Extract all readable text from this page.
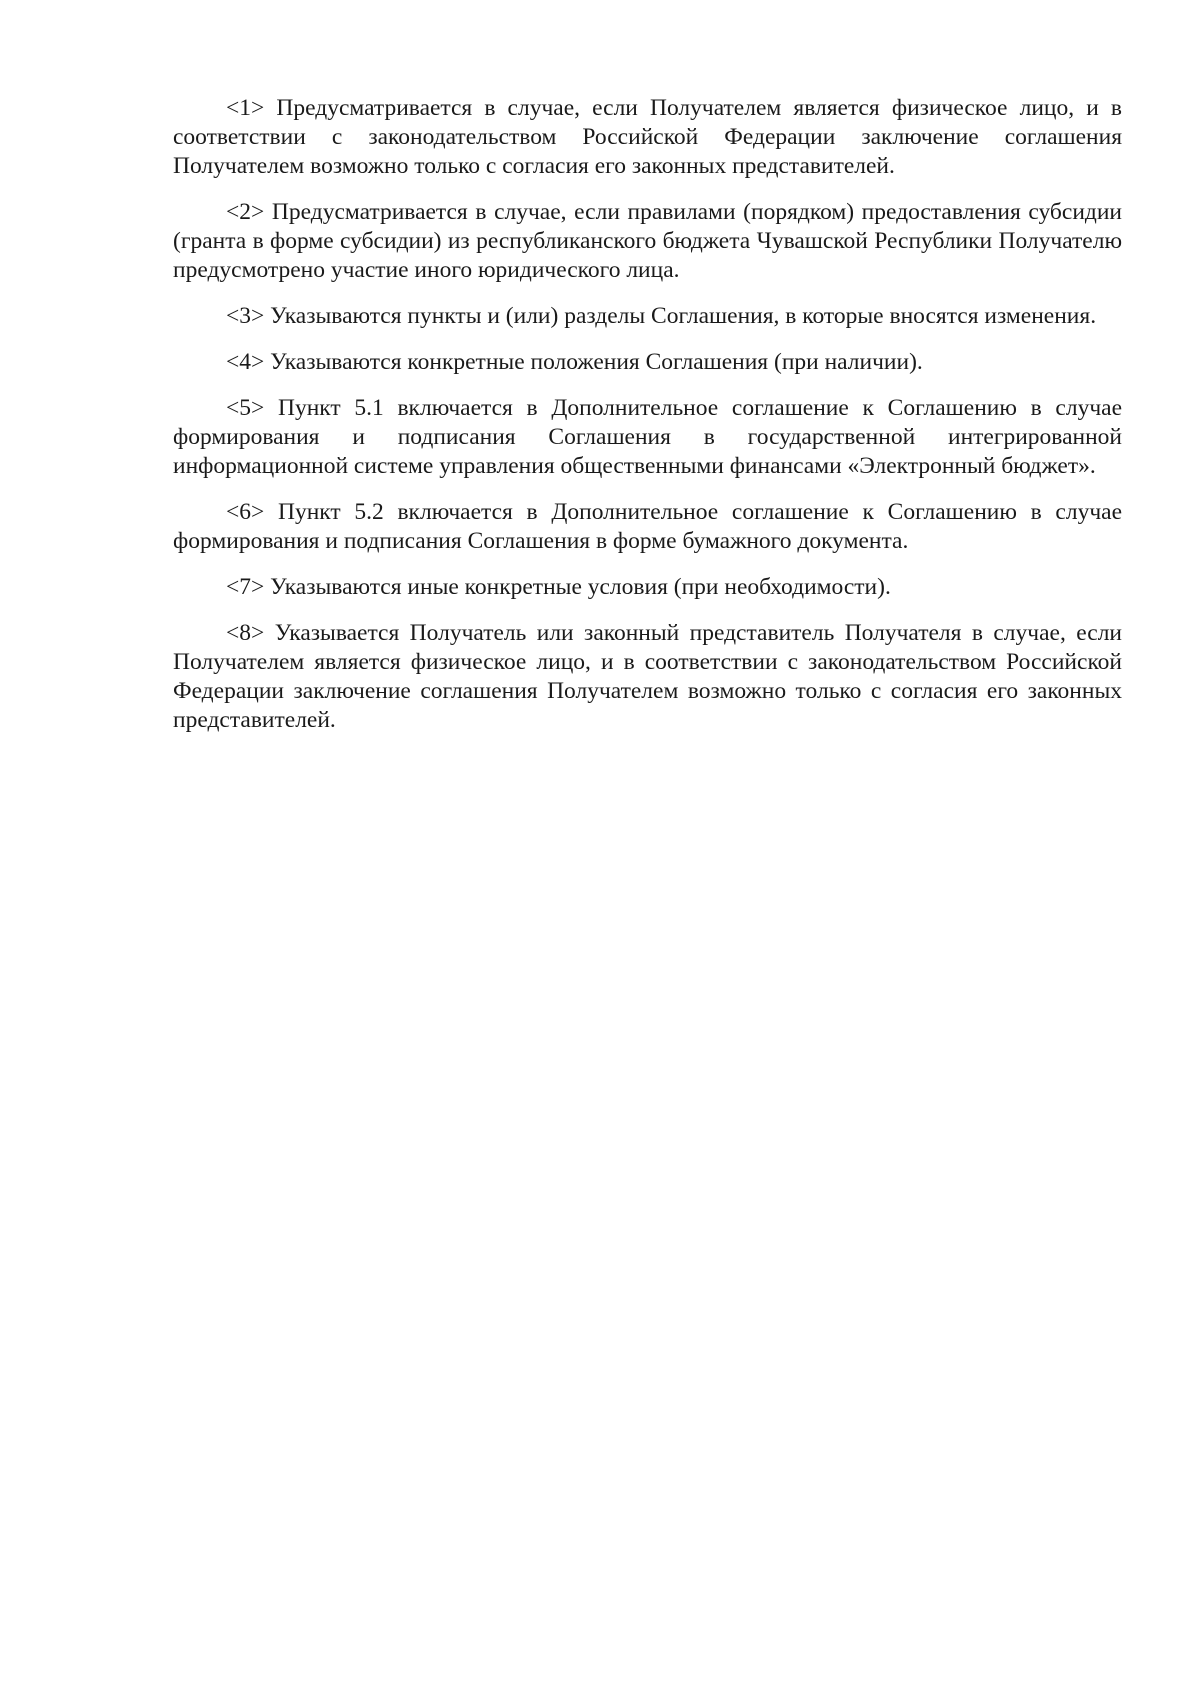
<1> Предусматривается в случае, если Получателем является физическое лицо, и в соответствии с законодательством Российской Федерации заключение соглашения Получателем возможно только с согласия его законных представителей.

<2> Предусматривается в случае, если правилами (порядком) предоставления субсидии (гранта в форме субсидии) из республиканского бюджета Чувашской Республики Получателю предусмотрено участие иного юридического лица.

<3> Указываются пункты и (или) разделы Соглашения, в которые вносятся изменения.

<4> Указываются конкретные положения Соглашения (при наличии).

<5> Пункт 5.1 включается в Дополнительное соглашение к Соглашению в случае формирования и подписания Соглашения в государственной интегрированной информационной системе управления общественными финансами «Электронный бюджет».

<6> Пункт 5.2 включается в Дополнительное соглашение к Соглашению в случае формирования и подписания Соглашения в форме бумажного документа.

<7> Указываются иные конкретные условия (при необходимости).

<8> Указывается Получатель или законный представитель Получателя в случае, если Получателем является физическое лицо, и в соответствии с законодательством Российской Федерации заключение соглашения Получателем возможно только с согласия его законных представителей.
